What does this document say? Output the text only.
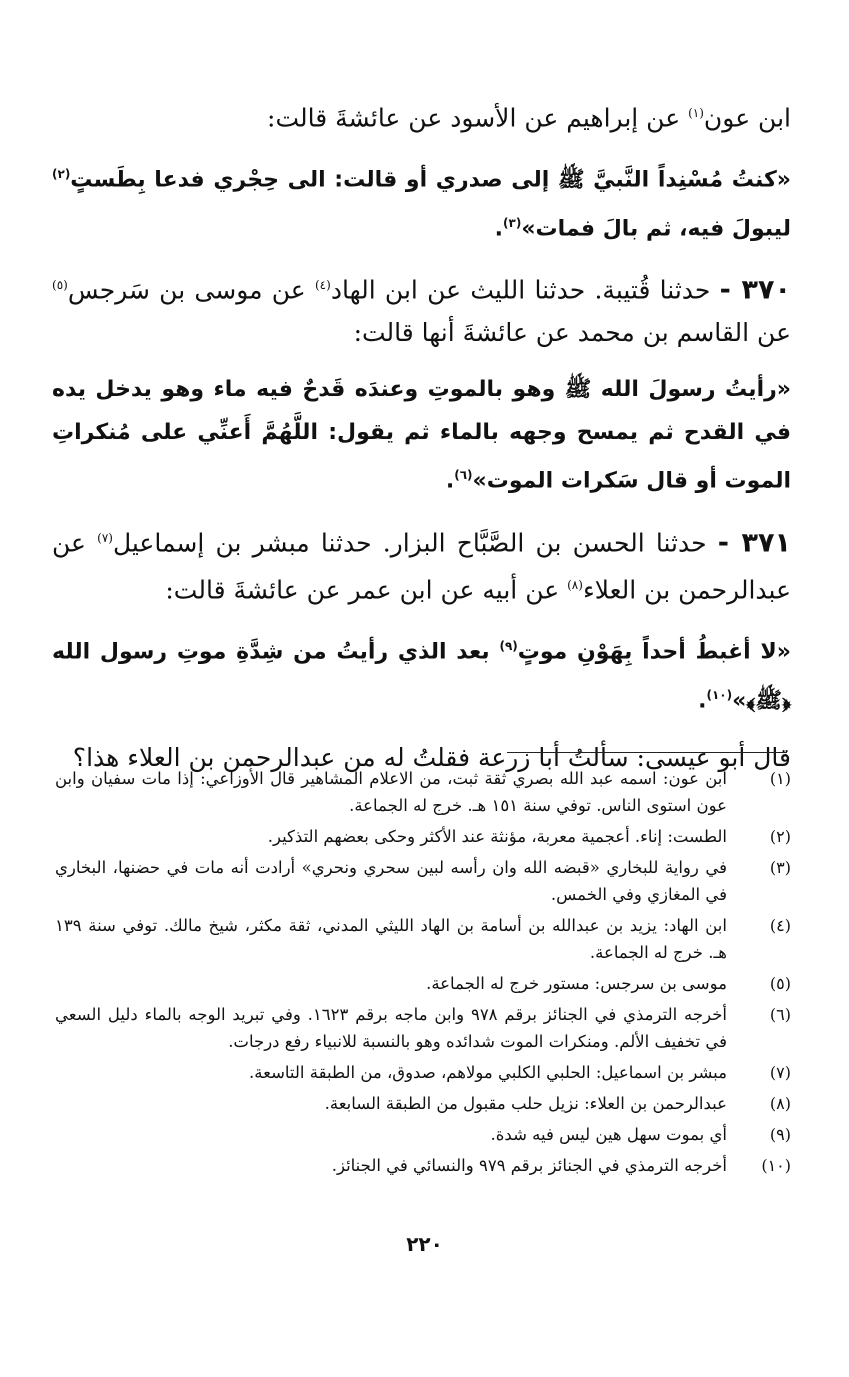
ابن عون$^{(١)}$ عن إبراهيم عن الأسود عن عائشةَ قالت:

«كنتُ مُسْنِداً النَّبيَّ ﷺ إلى صدري أو قالت: الى حِجْري فدعا بِطَستٍ$^{(٢)}$ ليبولَ فيه، ثم بالَ فمات»$^{(٣)}$.

٣٧٠ - حدثنا قُتيبة. حدثنا الليث عن ابن الهاد$^{(٤)}$ عن موسى بن سَرجس$^{(٥)}$ عن القاسم بن محمد عن عائشةَ أنها قالت:

«رأيتُ رسولَ الله ﷺ وهو بالموتِ وعندَه قَدحٌ فيه ماء وهو يدخل يده في القدح ثم يمسح وجهه بالماء ثم يقول: اللَّهُمَّ أَعنِّي على مُنكراتِ الموت أو قال سَكرات الموت»$^{(٦)}$.

٣٧١ - حدثنا الحسن بن الصَّبَّاح البزار. حدثنا مبشر بن إسماعيل$^{(٧)}$ عن عبدالرحمن بن العلاء$^{(٨)}$ عن أبيه عن ابن عمر عن عائشةَ قالت:

«لا أغبطُ أحداً بِهَوْنِ موتٍ$^{(٩)}$ بعد الذي رأيتُ من شِدَّةِ موتِ رسول الله ﴿ﷺ﴾»$^{(١٠)}$.

قال أبو عيسى: سألتُ أبا زرعة فقلتُ له من عبدالرحمن بن العلاء هذا؟

(١)
ابن عون: اسمه عبد الله بصري ثقة ثبت، من الاعلام المشاهير قال الأوزاعي: إذا مات سفيان وابن عون استوى الناس. توفي سنة ١٥١ هـ. خرج له الجماعة.
(٢)
الطست: إناء. أعجمية معربة، مؤنثة عند الأكثر وحكى بعضهم التذكير.
(٣)
في رواية للبخاري «قبضه الله وان رأسه لبين سحري ونحري» أرادت أنه مات في حضنها، البخاري في المغازي وفي الخمس.
(٤)
ابن الهاد: يزيد بن عبدالله بن أسامة بن الهاد الليثي المدني، ثقة مكثر، شيخ مالك. توفي سنة ١٣٩ هـ. خرج له الجماعة.
(٥)
موسى بن سرجس: مستور خرج له الجماعة.
(٦)
أخرجه الترمذي في الجنائز برقم ٩٧٨ وابن ماجه برقم ١٦٢٣. وفي تبريد الوجه بالماء دليل السعي في تخفيف الألم. ومنكرات الموت شدائده وهو بالنسبة للانبياء رفع درجات.
(٧)
مبشر بن اسماعيل: الحلبي الكلبي مولاهم، صدوق، من الطبقة التاسعة.
(٨)
عبدالرحمن بن العلاء: نزيل حلب مقبول من الطبقة السابعة.
(٩)
أي بموت سهل هين ليس فيه شدة.
(١٠)
أخرجه الترمذي في الجنائز برقم ٩٧٩ والنسائي في الجنائز.
٢٢٠
